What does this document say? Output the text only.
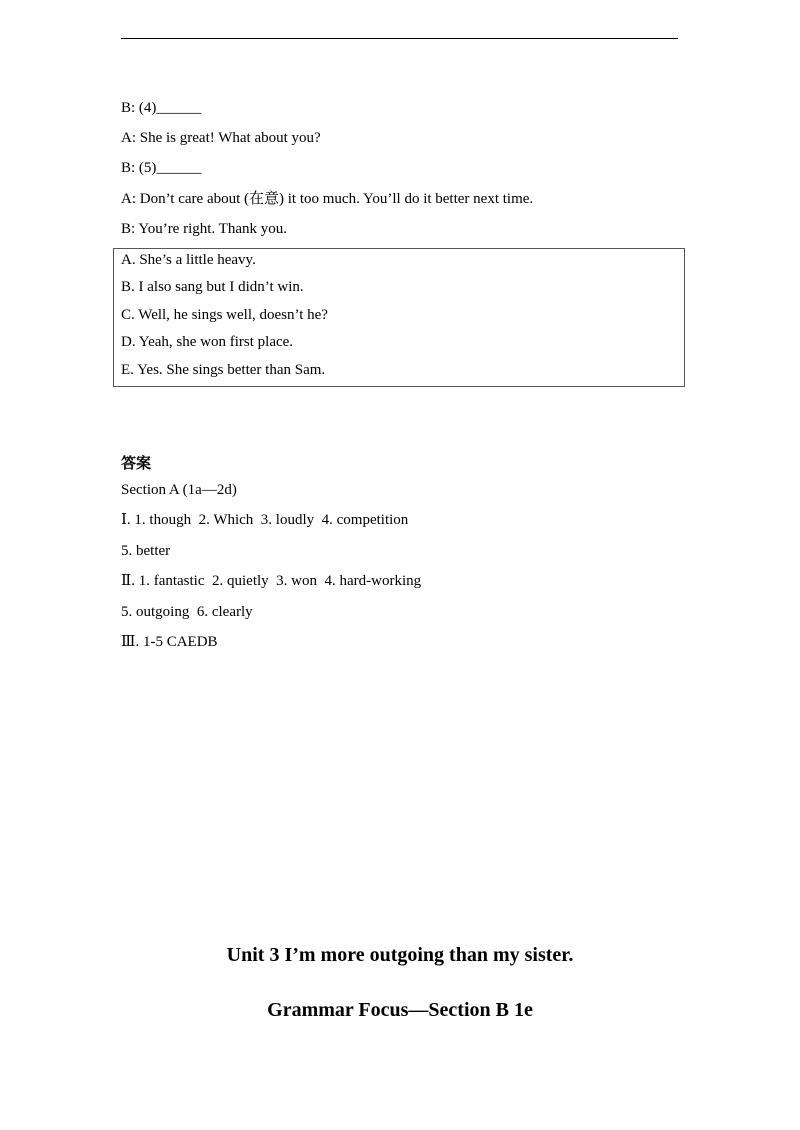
B: (4)______
A: She is great! What about you?
B: (5)______
A: Don’t care about (在意) it too much. You’ll do it better next time.
B: You’re right. Thank you.
A. She’s a little heavy.
B. I also sang but I didn’t win.
C. Well, he sings well, doesn’t he?
D. Yeah, she won first place.
E. Yes. She sings better than Sam.
答案
Section A (1a—2d)
Ⅰ. 1. though  2. Which  3. loudly  4. competition
5. better
Ⅱ. 1. fantastic  2. quietly  3. won  4. hard-working
5. outgoing  6. clearly
Ⅲ. 1-5 CAEDB
Unit 3 I’m more outgoing than my sister.
Grammar Focus—Section B 1e
